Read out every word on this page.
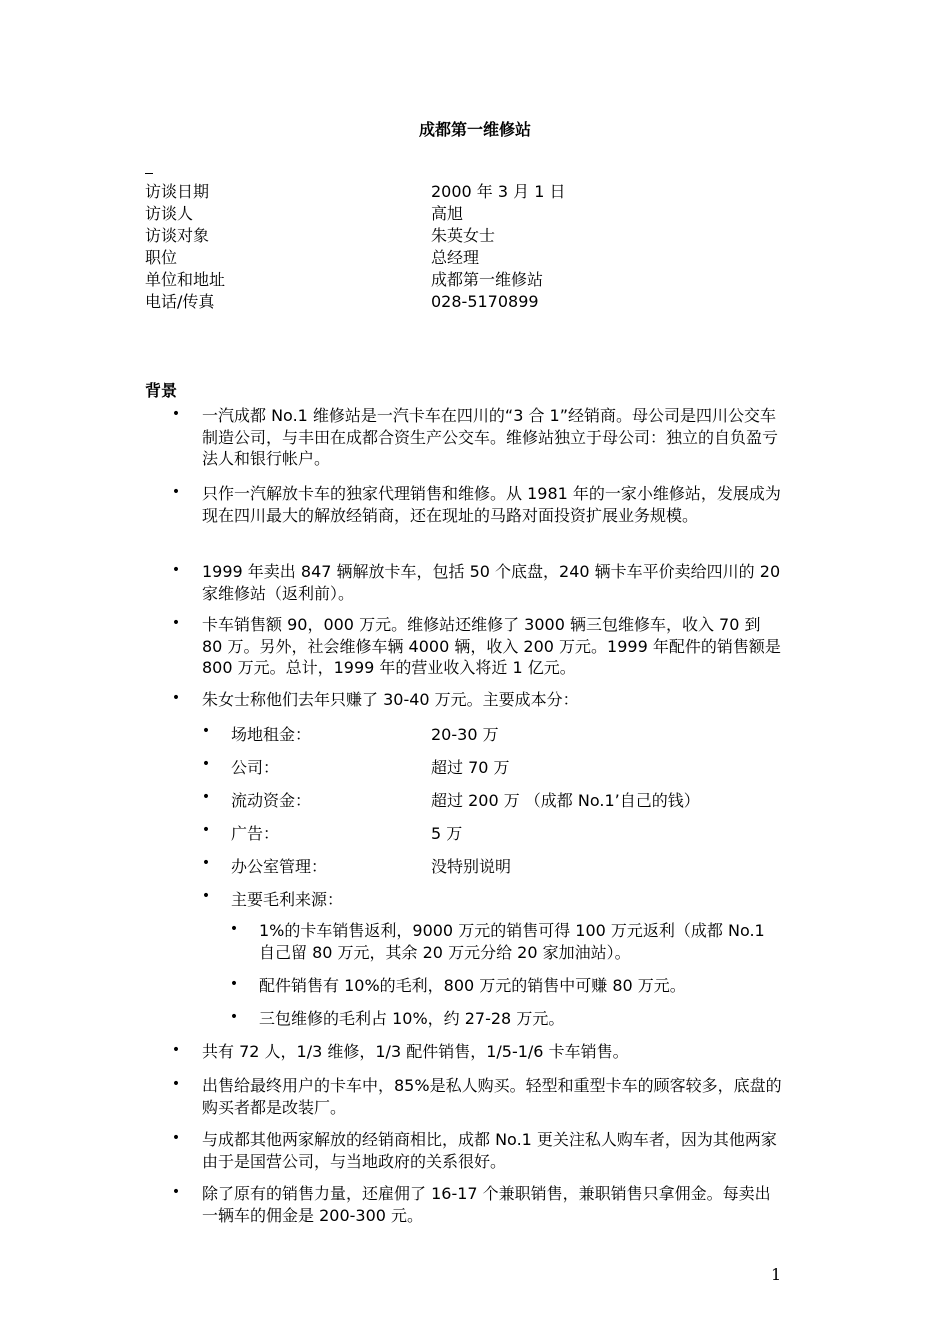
成都第一维修站
访谈日期	2000 年 3 月 1 日
访谈人	高旭
访谈对象	朱英女士
职位	总经理
单位和地址	成都第一维修站
电话/传真	028-5170899
背景
• 一汽成都 No.1 维修站是一汽卡车在四川的“3 合 1”经销商。母公司是四川公交车制造公司，与丰田在成都合资生产公交车。维修站独立于母公司：独立的自负盈亏法人和银行帐户。
• 只作一汽解放卡车的独家代理销售和维修。从 1981 年的一家小维修站，发展成为现在四川最大的解放经销商，还在现址的马路对面投资扩展业务规模。
• 1999 年卖出 847 辆解放卡车，包括 50 个底盘，240 辆卡车平价卖给四川的 20 家维修站（返利前）。
• 卡车销售额 90，000 万元。维修站还维修了 3000 辆三包维修车，收入 70 到 80 万。另外，社会维修车辆 4000 辆，收入 200 万元。1999 年配件的销售额是 800 万元。总计，1999 年的营业收入将近 1 亿元。
• 朱女士称他们去年只赚了 30-40 万元。主要成本分：
• 场地租金：	20-30 万
• 公司：	超过 70 万
• 流动资金：	超过 200 万 （成都 No.1’自己的钱）
• 广告：	5 万
• 办公室管理：	没特别说明
• 主要毛利来源：
• 1%的卡车销售返利，9000 万元的销售可得 100 万元返利（成都 No.1 自己留 80 万元，其余 20 万元分给 20 家加油站）。
• 配件销售有 10%的毛利，800 万元的销售中可赚 80 万元。
• 三包维修的毛利占 10%，约 27-28 万元。
• 共有 72 人，1/3 维修，1/3 配件销售，1/5-1/6 卡车销售。
• 出售给最终用户的卡车中，85%是私人购买。轻型和重型卡车的顾客较多，底盘的购买者都是改装厂。
• 与成都其他两家解放的经销商相比，成都 No.1 更关注私人购车者，因为其他两家由于是国营公司，与当地政府的关系很好。
• 除了原有的销售力量，还雇佣了 16-17 个兼职销售，兼职销售只拿佣金。每卖出一辆车的佣金是 200-300 元。
1
